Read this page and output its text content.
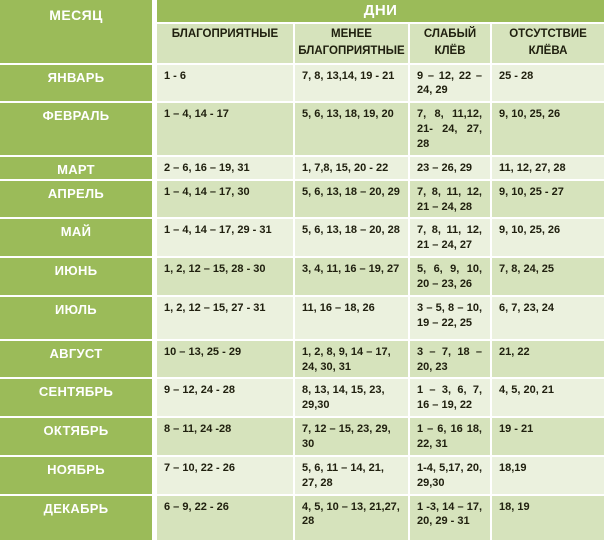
МЕСЯЦ	ДНИ			
	БЛАГОПРИЯТНЫЕ	МЕНЕЕ БЛАГОПРИЯТНЫЕ	СЛАБЫЙ КЛЁВ	ОТСУТСТВИЕ КЛЁВА
ЯНВАРЬ	1 - 6	7, 8, 13,14, 19 - 21	9 – 12, 22 – 24, 29	25 - 28
ФЕВРАЛЬ	1 – 4, 14 - 17	5, 6, 13, 18, 19, 20	7, 8, 11,12, 21- 24, 27, 28	9, 10, 25, 26
МАРТ	2 – 6, 16 – 19, 31	1, 7,8, 15, 20 - 22	23 – 26, 29	11, 12, 27, 28
АПРЕЛЬ	1 – 4, 14 – 17, 30	5, 6, 13, 18 – 20, 29	7, 8, 11, 12, 21 – 24, 28	9, 10, 25 - 27
МАЙ	1 – 4, 14 – 17, 29 - 31	5, 6, 13, 18 – 20, 28	7, 8, 11, 12, 21 – 24, 27	9, 10, 25, 26
ИЮНЬ	1, 2, 12 – 15, 28 - 30	3, 4, 11, 16 – 19, 27	5, 6, 9, 10, 20 – 23, 26	7, 8, 24, 25
ИЮЛЬ	1, 2, 12 – 15, 27 - 31	11, 16 – 18, 26	3 – 5, 8 – 10, 19 – 22, 25	6, 7, 23, 24
АВГУСТ	10 – 13, 25 - 29	1, 2, 8, 9, 14 – 17, 24, 30, 31	3 – 7, 18 – 20, 23	21, 22
СЕНТЯБРЬ	9 – 12, 24 - 28	8, 13, 14, 15, 23, 29,30	1 – 3, 6, 7, 16 – 19, 22	4, 5, 20, 21
ОКТЯБРЬ	8 – 11, 24 -28	7, 12 – 15, 23, 29, 30	1 – 6, 16 18, 22, 31	19 - 21
НОЯБРЬ	7 – 10, 22 - 26	5, 6, 11 – 14, 21, 27, 28	1-4, 5,17, 20, 29,30	18,19
ДЕКАБРЬ	6 – 9, 22 - 26	4, 5, 10 – 13, 21,27, 28	1 -3, 14 – 17, 20, 29 - 31	18, 19
